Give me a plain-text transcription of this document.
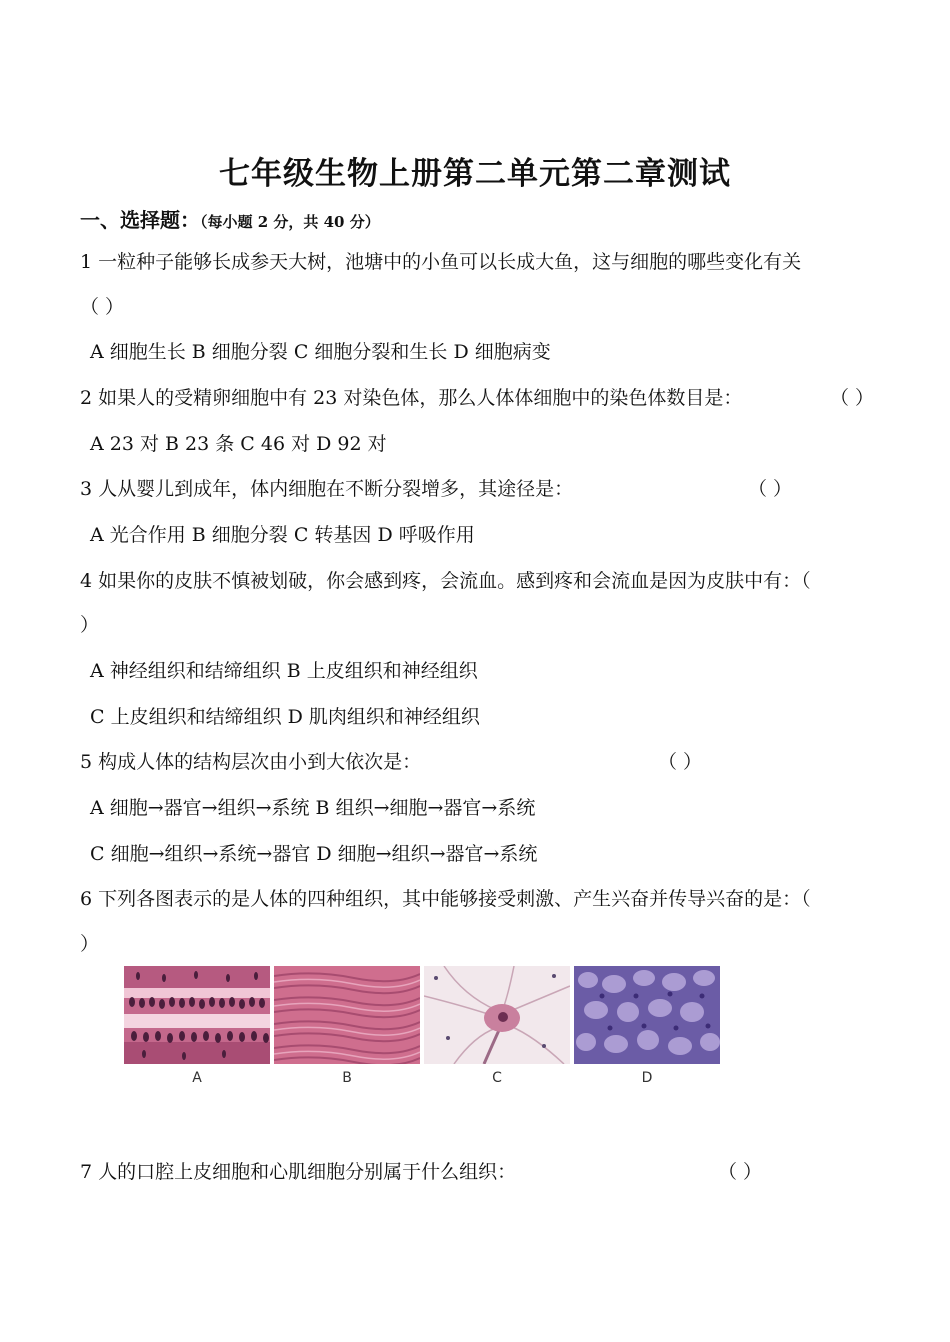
七年级生物上册第二单元第二章测试
一、选择题：（每小题 2 分，共 40 分）
1 一粒种子能够长成参天大树，池塘中的小鱼可以长成大鱼，这与细胞的哪些变化有关
（ ）
A 细胞生长 B 细胞分裂 C 细胞分裂和生长 D 细胞病变
2 如果人的受精卵细胞中有 23 对染色体，那么人体体细胞中的染色体数目是：	（ ）
A 23 对 B 23 条 C 46 对 D 92 对
3 人从婴儿到成年，体内细胞在不断分裂增多，其途径是：	（ ）
A 光合作用 B 细胞分裂 C 转基因 D 呼吸作用
4 如果你的皮肤不慎被划破，你会感到疼，会流血。感到疼和会流血是因为皮肤中有：（
）
A 神经组织和结缔组织 B 上皮组织和神经组织
C 上皮组织和结缔组织 D 肌肉组织和神经组织
5 构成人体的结构层次由小到大依次是：	（ ）
A 细胞→器官→组织→系统 B 组织→细胞→器官→系统
C 细胞→组织→系统→器官 D 细胞→组织→器官→系统
6 下列各图表示的是人体的四种组织，其中能够接受刺激、产生兴奋并传导兴奋的是：（
）
A	B	C	D
7 人的口腔上皮细胞和心肌细胞分别属于什么组织：	（ ）
